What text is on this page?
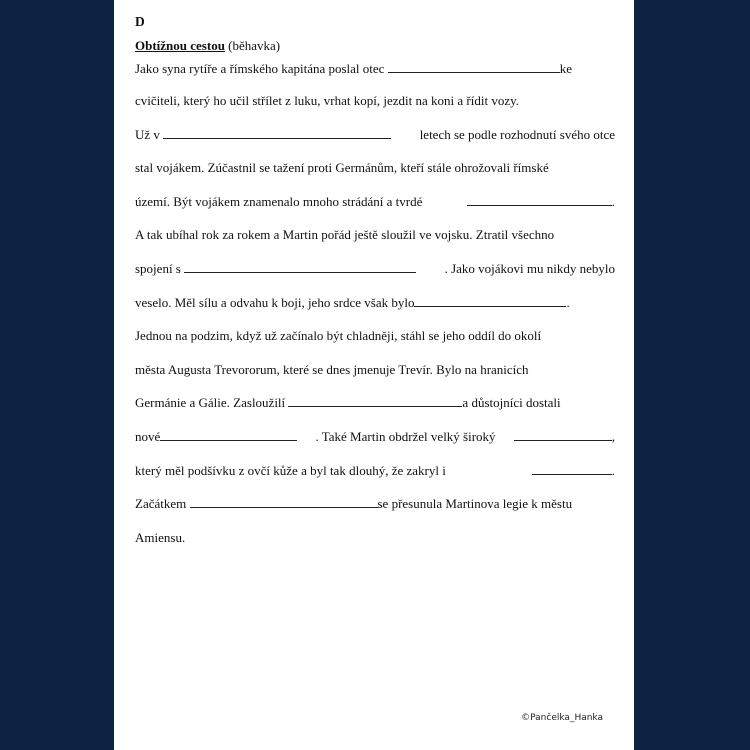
D
Obtížnou cestou (běhavka)
Jako syna rytíře a římského kapitána poslal otec	ke
cvičiteli, který ho učil střílet z luku, vrhat kopí, jezdit na koni a řídit vozy.
Už v	letech se podle rozhodnutí svého otce
stal vojákem. Zúčastnil se tažení proti Germánům, kteří stále ohrožovali římské
území. Být vojákem znamenalo mnoho strádání a tvrdé	.
A tak ubíhal rok za rokem a Martin pořád ještě sloužil ve vojsku. Ztratil všechno
spojení s	. Jako vojákovi mu nikdy nebylo
veselo. Měl sílu a odvahu k boji, jeho srdce však bylo	.
Jednou na podzim, když už začínalo být chladněji, stáhl se jeho oddíl do okolí
města Augusta Trevororum, které se dnes jmenuje Trevír. Bylo na hranicích
Germánie a Gálie. Zasloužilí	a důstojníci dostali
nové	. Také Martin obdržel velký široký	,
který měl podšívku z ovčí kůže a byl tak dlouhý, že zakryl i	.
Začátkem	se přesunula Martinova legie k městu
Amiensu.
©Pančelka_Hanka
